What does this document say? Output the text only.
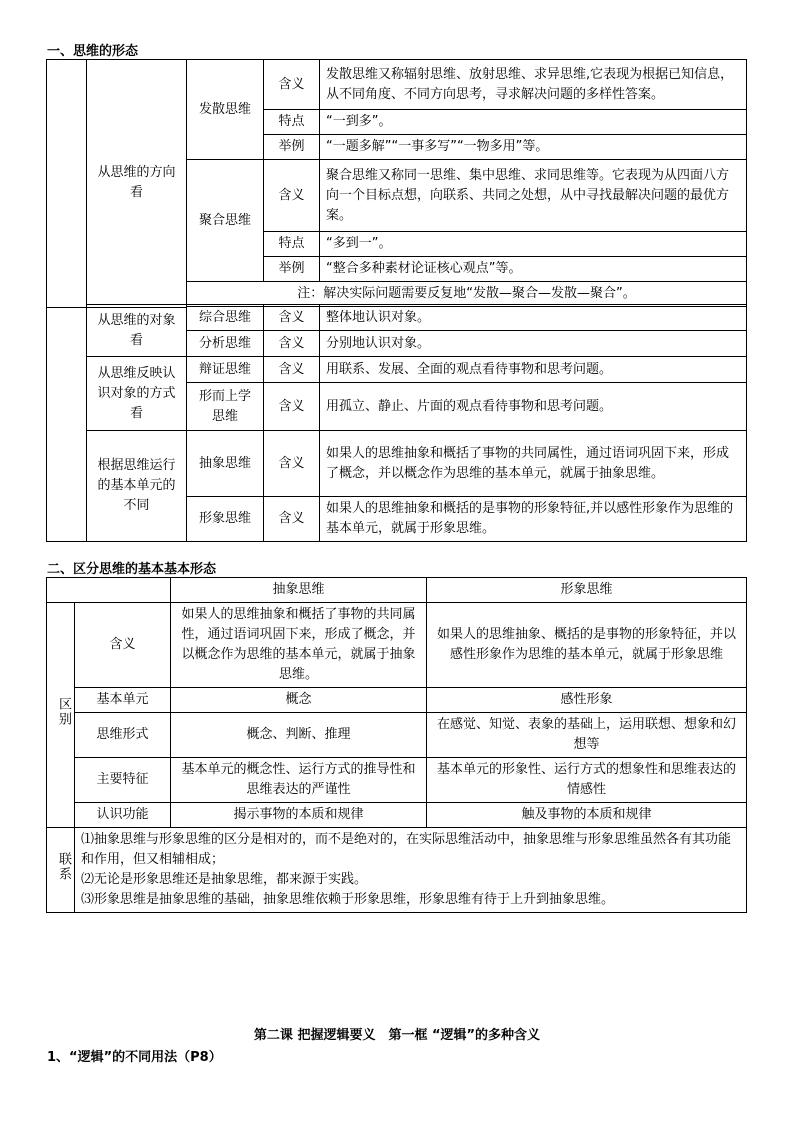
一、思维的形态
	从思维的方向看	发散思维	含义	发散思维又称辐射思维、放射思维、求异思维,它表现为根据已知信息，从不同角度、不同方向思考，寻求解决问题的多样性答案。
			特点	“一到多”。
			举例	“一题多解”“一事多写”“一物多用”等。
		聚合思维	含义	聚合思维又称同一思维、集中思维、求同思维等。它表现为从四面八方向一个目标点想，向联系、共同之处想，从中寻找最解决问题的最优方案。
			特点	“多到一”。
			举例	“整合多种素材论证核心观点”等。
		注：解决实际问题需要反复地“发散—聚合—发散—聚合”。		

	从思维的对象看	综合思维	含义	整体地认识对象。
		分析思维	含义	分别地认识对象。
	从思维反映认识对象的方式看	辩证思维	含义	用联系、发展、全面的观点看待事物和思考问题。
		形而上学思维	含义	用孤立、静止、片面的观点看待事物和思考问题。
	根据思维运行的基本单元的不同	抽象思维	含义	如果人的思维抽象和概括了事物的共同属性，通过语词巩固下来，形成了概念，并以概念作为思维的基本单元，就属于抽象思维。
		形象思维	含义	如果人的思维抽象和概括的是事物的形象特征,并以感性形象作为思维的基本单元，就属于形象思维。
二、区分思维的基本基本形态
		抽象思维	形象思维
区别	含义	如果人的思维抽象和概括了事物的共同属性，通过语词巩固下来，形成了概念，并以概念作为思维的基本单元，就属于抽象思维。	如果人的思维抽象、概括的是事物的形象特征，并以感性形象作为思维的基本单元，就属于形象思维
	基本单元	概念	感性形象
	思维形式	概念、判断、推理	在感觉、知觉、表象的基础上，运用联想、想象和幻想等
	主要特征	基本单元的概念性、运行方式的推导性和思维表达的严谨性	基本单元的形象性、运行方式的想象性和思维表达的情感性
	认识功能	揭示事物的本质和规律	触及事物的本质和规律
联系	⑴抽象思维与形象思维的区分是相对的，而不是绝对的，在实际思维活动中，抽象思维与形象思维虽然各有其功能和作用，但又相辅相成；
⑵无论是形象思维还是抽象思维，都来源于实践。
⑶形象思维是抽象思维的基础，抽象思维依赖于形象思维，形象思维有待于上升到抽象思维。		
第二课 把握逻辑要义　第一框 “逻辑”的多种含义
1、“逻辑”的不同用法（P8）
